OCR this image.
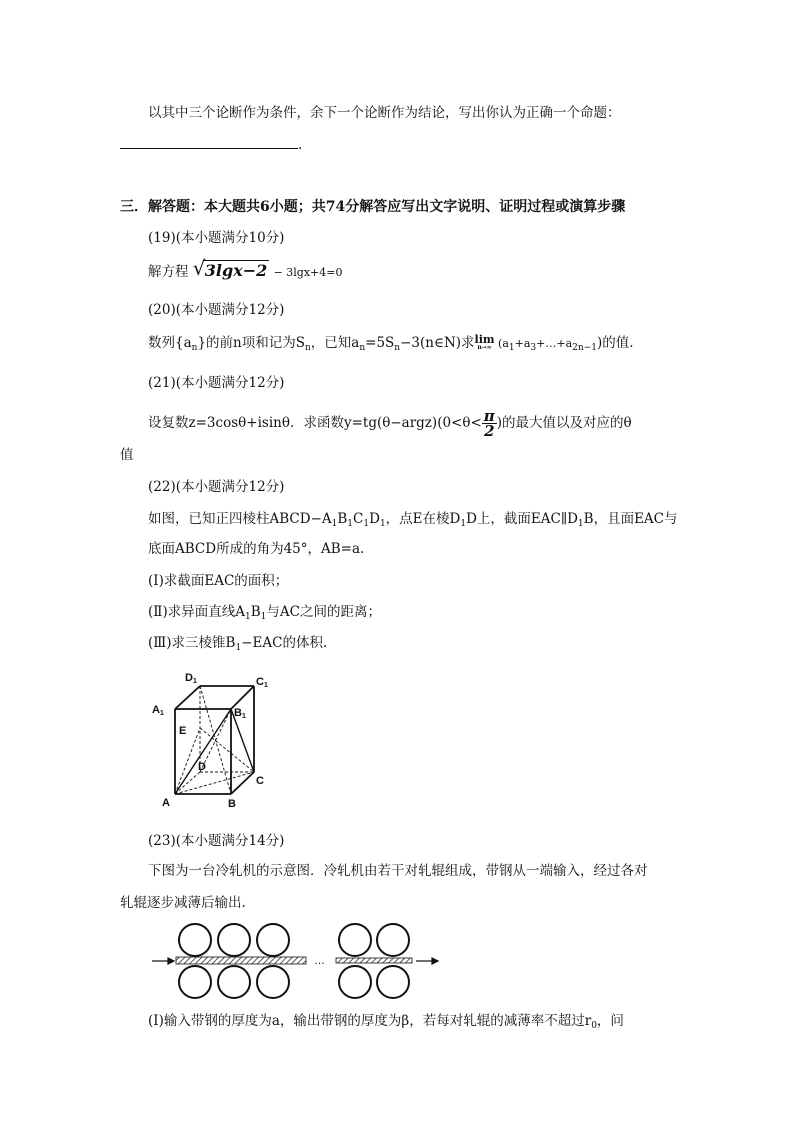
以其中三个论断作为条件，余下一个论断作为结论，写出你认为正确一个命题：
.
三．解答题：本大题共6小题；共74分解答应写出文字说明、证明过程或演算步骤
(19)(本小题满分10分)
解方程 √ 3lgx−2 − 3lgx+4=0
(20)(本小题满分12分)
数列$\{a_n\}$的前n项和记为$S_n$，已知$a_n=5S_n-3(n\in N)$求lim
n→∞ $(a_1+a_3+\dots+a_{2n-1})$的值.
(21)(本小题满分12分)
设复数z=3cosθ+isinθ．求函数y=tg(θ−argz)(0<θ< $\frac{\pi}{2}$ )的最大值以及对应的θ
值
(22)(本小题满分12分)
如图，已知正四棱柱$ABCD-A_1B_1C_1D_1$，点E在棱$D_1D$上，截面$EAC\parallel D_1B$，且面EAC与
底面ABCD所成的角为45°，AB=a.
(Ⅰ)求截面EAC的面积；
(Ⅱ)求异面直线$A_1B_1$与AC之间的距离；
(Ⅲ)求三棱锥$B_1-EAC$的体积.
A1	B1
C1
D1
A	B
C
D
E
(23)(本小题满分14分)
下图为一台冷轧机的示意图．冷轧机由若干对轧辊组成，带钢从一端输入，经过各对
轧辊逐步减薄后输出.
…
(Ⅰ)输入带钢的厚度为a，输出带钢的厚度为β，若每对轧辊的减薄率不超过$r_0$，问
